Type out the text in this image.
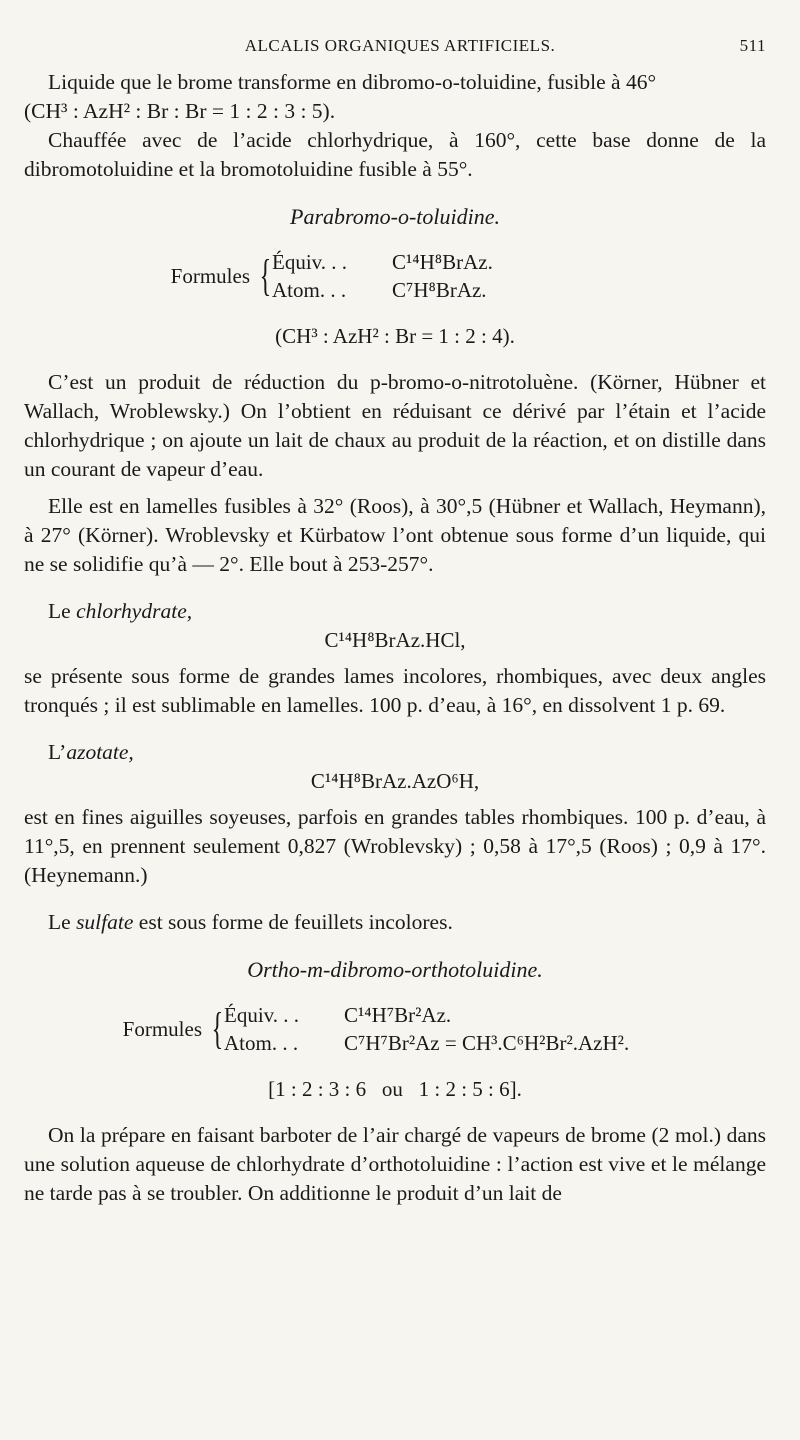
ALCALIS ORGANIQUES ARTIFICIELS.	511

Liquide que le brome transforme en dibromo-o-toluidine, fusible à 46°

(CH³ : AzH² : Br : Br = 1 : 2 : 3 : 5).

Chauffée avec de l’acide chlorhydrique, à 160°, cette base donne de la dibromotoluidine et la bromotoluidine fusible à 55°.

Parabromo-o-toluidine.
Formules { Équiv. . .	C¹⁴H⁸BrAz.
Atom. . .	C⁷H⁸BrAz.
(CH³ : AzH² : Br = 1 : 2 : 4).

C’est un produit de réduction du p-bromo-o-nitrotoluène. (Körner, Hübner et Wallach, Wroblewsky.) On l’obtient en réduisant ce dérivé par l’étain et l’acide chlorhydrique ; on ajoute un lait de chaux au produit de la réaction, et on distille dans un courant de vapeur d’eau.

Elle est en lamelles fusibles à 32° (Roos), à 30°,5 (Hübner et Wallach, Heymann), à 27° (Körner). Wroblevsky et Kürbatow l’ont obtenue sous forme d’un liquide, qui ne se solidifie qu’à — 2°. Elle bout à 253-257°.

Le chlorhydrate,

C¹⁴H⁸BrAz.HCl,

se présente sous forme de grandes lames incolores, rhombiques, avec deux angles tronqués ; il est sublimable en lamelles. 100 p. d’eau, à 16°, en dissolvent 1 p. 69.

L’azotate,

C¹⁴H⁸BrAz.AzO⁶H,

est en fines aiguilles soyeuses, parfois en grandes tables rhombiques. 100 p. d’eau, à 11°,5, en prennent seulement 0,827 (Wroblevsky) ; 0,58 à 17°,5 (Roos) ; 0,9 à 17°. (Heynemann.)

Le sulfate est sous forme de feuillets incolores.

Ortho-m-dibromo-orthotoluidine.
Formules { Équiv. . .	C¹⁴H⁷Br²Az.
Atom. . .	C⁷H⁷Br²Az = CH³.C⁶H²Br².AzH².
[1 : 2 : 3 : 6   ou   1 : 2 : 5 : 6].

On la prépare en faisant barboter de l’air chargé de vapeurs de brome (2 mol.) dans une solution aqueuse de chlorhydrate d’orthotoluidine : l’action est vive et le mélange ne tarde pas à se troubler. On additionne le produit d’un lait de
